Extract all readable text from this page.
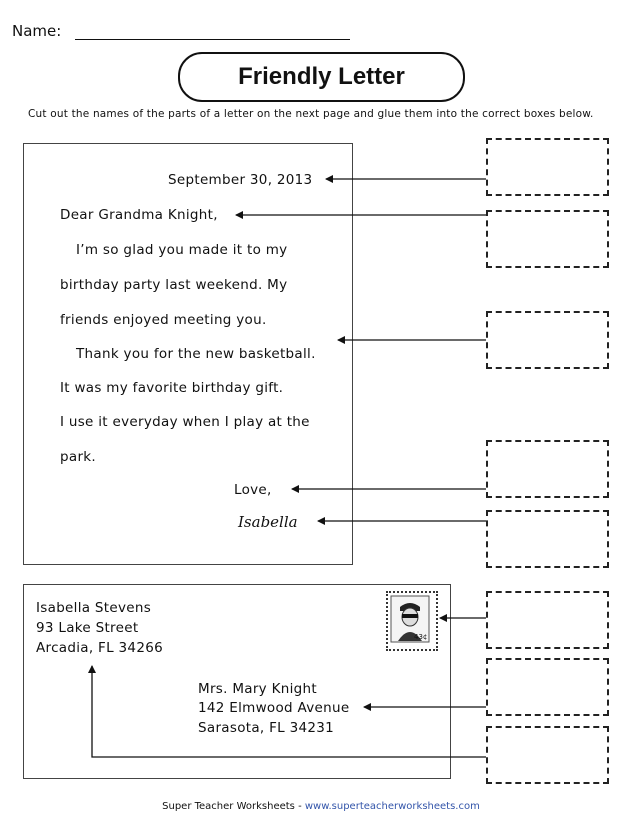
Name:
Friendly Letter
Cut out the names of the parts of a letter on the next page and glue them into the correct boxes below.
September 30, 2013
Dear Grandma Knight,
I’m so glad you made it to my
birthday party last weekend. My
friends enjoyed meeting you.
Thank you for the new basketball.
It was my favorite birthday gift.
I use it everyday when I play at the
park.
Love,
Isabella
Isabella Stevens
93 Lake Street
Arcadia, FL 34266
Mrs. Mary Knight
142 Elmwood Avenue
Sarasota, FL 34231
43¢
Super Teacher Worksheets - www.superteacherworksheets.com
